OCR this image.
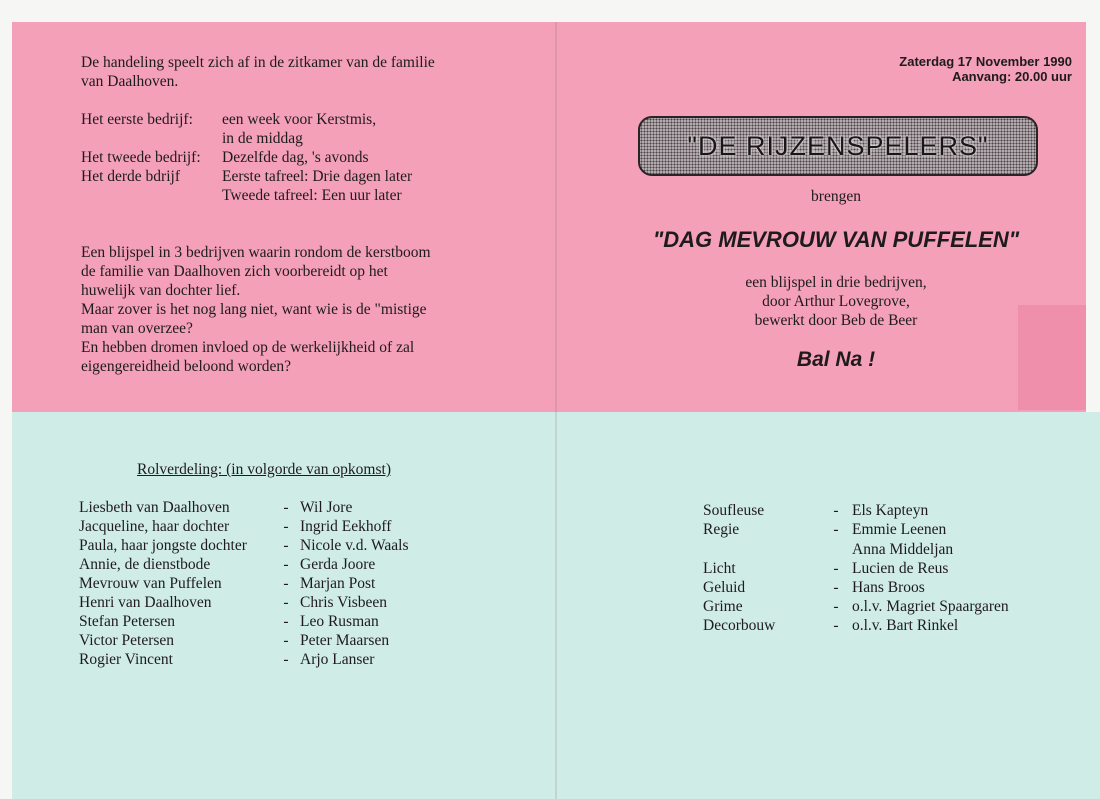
De handeling speelt zich af in de zitkamer van de familie
van Daalhoven.
Het eerste bedrijf: een week voor Kerstmis,
in de middag
Het tweede bedrijf: Dezelfde dag, 's avonds
Het derde bdrijf	Eerste tafreel: Drie dagen later
Tweede tafreel: Een uur later
Een blijspel in 3 bedrijven waarin rondom de kerstboom
de familie van Daalhoven zich voorbereidt op het
huwelijk van dochter lief.
Maar zover is het nog lang niet, want wie is de "mistige
man van overzee?
En hebben dromen invloed op de werkelijkheid of zal
eigengereidheid beloond worden?
Zaterdag 17 November 1990
Aanvang: 20.00 uur
"DE RIJZENSPELERS"
brengen
"DAG MEVROUW VAN PUFFELEN"
een blijspel in drie bedrijven,
door Arthur Lovegrove,
bewerkt door Beb de Beer
Bal Na !
Rolverdeling: (in volgorde van opkomst)
Liesbeth van Daalhoven	- Wil Jore
Jacqueline, haar dochter	- Ingrid Eekhoff
Paula, haar jongste dochter - Nicole v.d. Waals
Annie, de dienstbode	- Gerda Joore
Mevrouw van Puffelen	- Marjan Post
Henri van Daalhoven	- Chris Visbeen
Stefan Petersen	- Leo Rusman
Victor Petersen	- Peter Maarsen
Rogier Vincent	- Arjo Lanser
Soufleuse	- Els Kapteyn
Regie	- Emmie Leenen
Anna Middeljan
Licht	- Lucien de Reus
Geluid	- Hans Broos
Grime	- o.l.v. Magriet Spaargaren
Decorbouw	- o.l.v. Bart Rinkel
